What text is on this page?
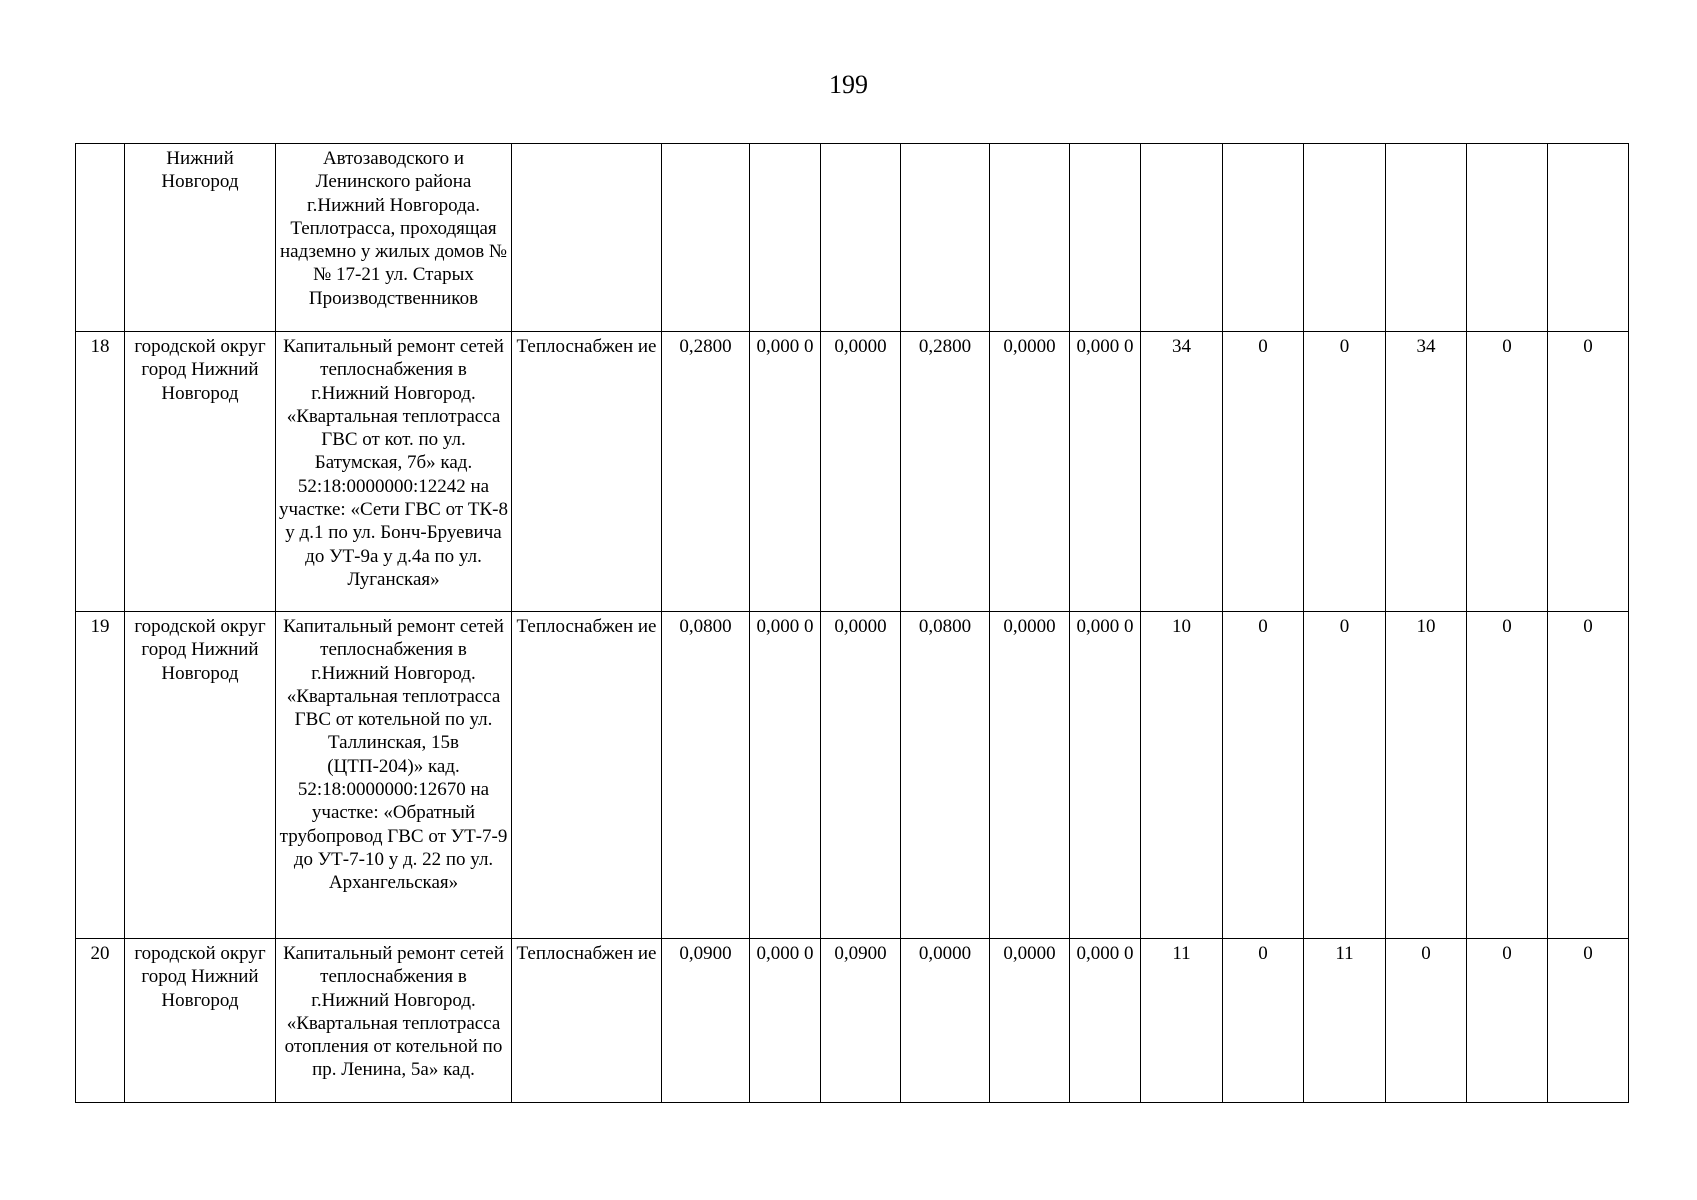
199
	Нижний Новгород	Автозаводского и Ленинского района г.Нижний Новгорода. Теплотрасса, проходящая надземно у жилых домов №№ 17-21 ул. Старых Производственников													
18	городской округ город Нижний Новгород	Капитальный ремонт сетей теплоснабжения в г.Нижний Новгород. «Квартальная теплотрасса ГВС от кот. по ул. Батумская, 7б» кад. 52:18:0000000:12242 на участке: «Сети ГВС от ТК-8 у д.1 по ул. Бонч-Бруевича до УТ-9а у д.4а по ул. Луганская»	Теплоснабжен ие	0,2800	0,000 0	0,0000	0,2800	0,0000	0,000 0	34	0	0	34	0	0
19	городской округ город Нижний Новгород	Капитальный ремонт сетей теплоснабжения в г.Нижний Новгород. «Квартальная теплотрасса ГВС от котельной по ул. Таллинская, 15в (ЦТП-204)» кад. 52:18:0000000:12670 на участке: «Обратный трубопровод ГВС от УТ-7-9 до УТ-7-10 у д. 22 по ул. Архангельская»	Теплоснабжен ие	0,0800	0,000 0	0,0000	0,0800	0,0000	0,000 0	10	0	0	10	0	0
20	городской округ город Нижний Новгород	Капитальный ремонт сетей теплоснабжения в г.Нижний Новгород. «Квартальная теплотрасса отопления от котельной по пр. Ленина, 5а» кад.	Теплоснабжен ие	0,0900	0,000 0	0,0900	0,0000	0,0000	0,000 0	11	0	11	0	0	0
